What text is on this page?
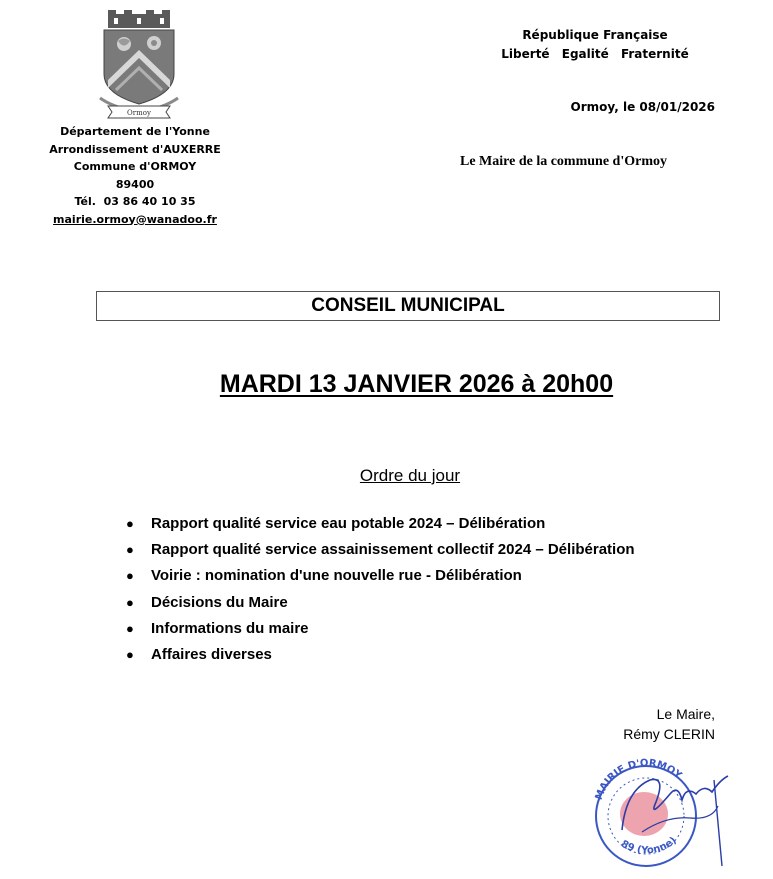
Ormoy
Département de l'Yonne
Arrondissement d'AUXERRE
Commune d'ORMOY
89400
Tél. 03 86 40 10 35
mairie.ormoy@wanadoo.fr
République Française
Liberté Egalité Fraternité
Ormoy, le 08/01/2026
Le Maire de la commune d'Ormoy
CONSEIL MUNICIPAL
MARDI 13 JANVIER 2026 à 20h00
Ordre du jour
● Rapport qualité service eau potable 2024 – Délibération
● Rapport qualité service assainissement collectif 2024 – Délibération
● Voirie : nomination d'une nouvelle rue - Délibération
● Décisions du Maire
● Informations du maire
● Affaires diverses
Le Maire,
Rémy CLERIN
MAIRIE D'ORMOY
89 (Yonne)
